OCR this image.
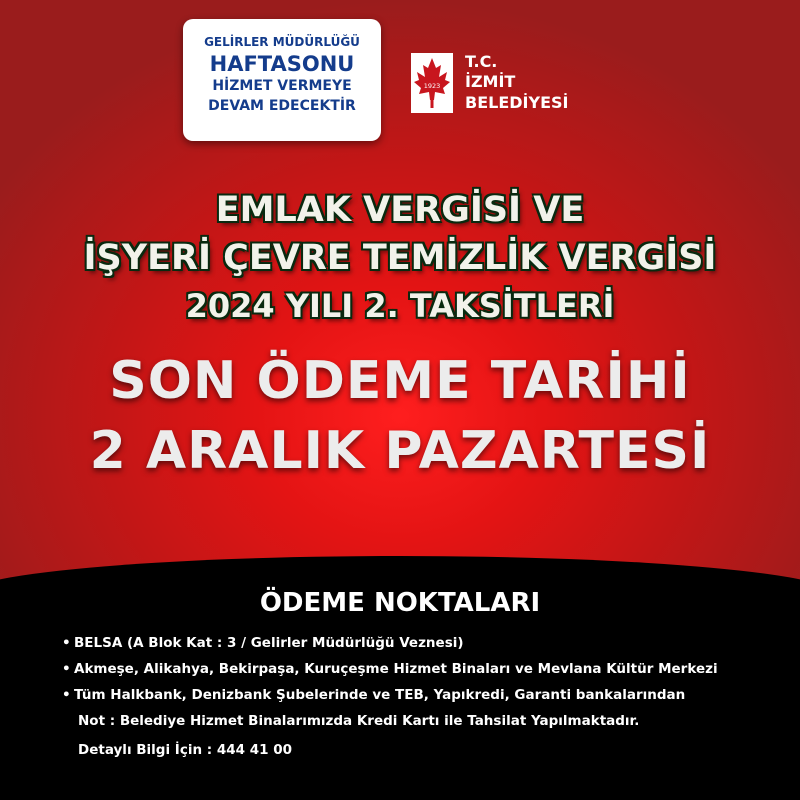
GELİRLER MÜDÜRLÜĞÜ
HAFTASONU
HİZMET VERMEYE
DEVAM EDECEKTİR
1923
T.C.
İZMİT
BELEDİYESİ
EMLAK VERGİSİ VE
İŞYERİ ÇEVRE TEMİZLİK VERGİSİ
2024 YILI 2. TAKSİTLERİ
SON ÖDEME TARİHİ
2 ARALIK PAZARTESİ
ÖDEME NOKTALARI
• BELSA (A Blok Kat : 3 / Gelirler Müdürlüğü Veznesi)
• Akmeşe, Alikahya, Bekirpaşa, Kuruçeşme Hizmet Binaları ve Mevlana Kültür Merkezi
• Tüm Halkbank, Denizbank Şubelerinde ve TEB, Yapıkredi, Garanti bankalarından
Not : Belediye Hizmet Binalarımızda Kredi Kartı ile Tahsilat Yapılmaktadır.
Detaylı Bilgi İçin : 444 41 00
